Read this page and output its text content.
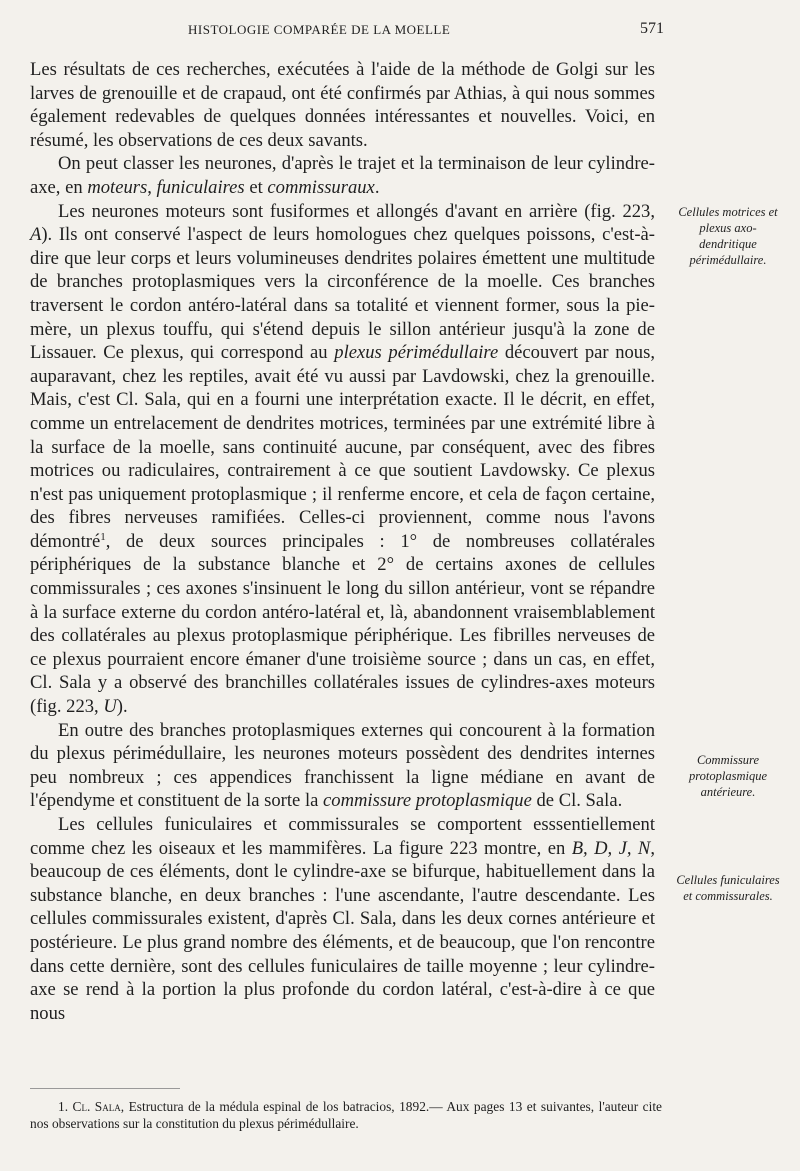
HISTOLOGIE COMPARÉE DE LA MOELLE	571

Les résultats de ces recherches, exécutées à l'aide de la méthode de Golgi sur les larves de grenouille et de crapaud, ont été confirmés par Athias, à qui nous sommes également redevables de quelques données intéressantes et nouvelles. Voici, en résumé, les observations de ces deux savants.

On peut classer les neurones, d'après le trajet et la terminaison de leur cylindre-axe, en moteurs, funiculaires et commissuraux.

Les neurones moteurs sont fusiformes et allongés d'avant en arrière (fig. 223, A). Ils ont conservé l'aspect de leurs homologues chez quelques poissons, c'est-à-dire que leur corps et leurs volumineuses dendrites polaires émettent une multitude de branches protoplasmiques vers la circonférence de la moelle. Ces branches traversent le cordon antéro-latéral dans sa totalité et viennent former, sous la pie-mère, un plexus touffu, qui s'étend depuis le sillon antérieur jusqu'à la zone de Lissauer. Ce plexus, qui correspond au plexus périmédullaire découvert par nous, auparavant, chez les reptiles, avait été vu aussi par Lavdowski, chez la grenouille. Mais, c'est Cl. Sala, qui en a fourni une interprétation exacte. Il le décrit, en effet, comme un entrelacement de dendrites motrices, terminées par une extrémité libre à la surface de la moelle, sans continuité aucune, par conséquent, avec des fibres motrices ou radiculaires, contrairement à ce que soutient Lavdowsky. Ce plexus n'est pas uniquement protoplasmique ; il renferme encore, et cela de façon certaine, des fibres nerveuses ramifiées. Celles-ci proviennent, comme nous l'avons démontré$^1$, de deux sources principales : 1° de nombreuses collatérales périphériques de la substance blanche et 2° de certains axones de cellules commissurales ; ces axones s'insinuent le long du sillon antérieur, vont se répandre à la surface externe du cordon antéro-latéral et, là, abandonnent vraisemblablement des collatérales au plexus protoplasmique périphérique. Les fibrilles nerveuses de ce plexus pourraient encore émaner d'une troisième source ; dans un cas, en effet, Cl. Sala y a observé des branchilles collatérales issues de cylindres-axes moteurs (fig. 223, U).

En outre des branches protoplasmiques externes qui concourent à la formation du plexus périmédullaire, les neurones moteurs possèdent des dendrites internes peu nombreux ; ces appendices franchissent la ligne médiane en avant de l'épendyme et constituent de la sorte la commissure protoplasmique de Cl. Sala.

Les cellules funiculaires et commissurales se comportent esssentiellement comme chez les oiseaux et les mammifères. La figure 223 montre, en B, D, J, N, beaucoup de ces éléments, dont le cylindre-axe se bifurque, habituellement dans la substance blanche, en deux branches : l'une ascendante, l'autre descendante. Les cellules commissurales existent, d'après Cl. Sala, dans les deux cornes antérieure et postérieure. Le plus grand nombre des éléments, et de beaucoup, que l'on rencontre dans cette dernière, sont des cellules funiculaires de taille moyenne ; leur cylindre-axe se rend à la portion la plus profonde du cordon latéral, c'est-à-dire à ce que nous

Cellules motrices et plexus axo-dendritique périmédullaire.
Commissure protoplasmique antérieure.
Cellules funiculaires et commissurales.
1. Cl. Sala, Estructura de la médula espinal de los batracios, 1892.— Aux pages 13 et suivantes, l'auteur cite nos observations sur la constitution du plexus périmédullaire.
